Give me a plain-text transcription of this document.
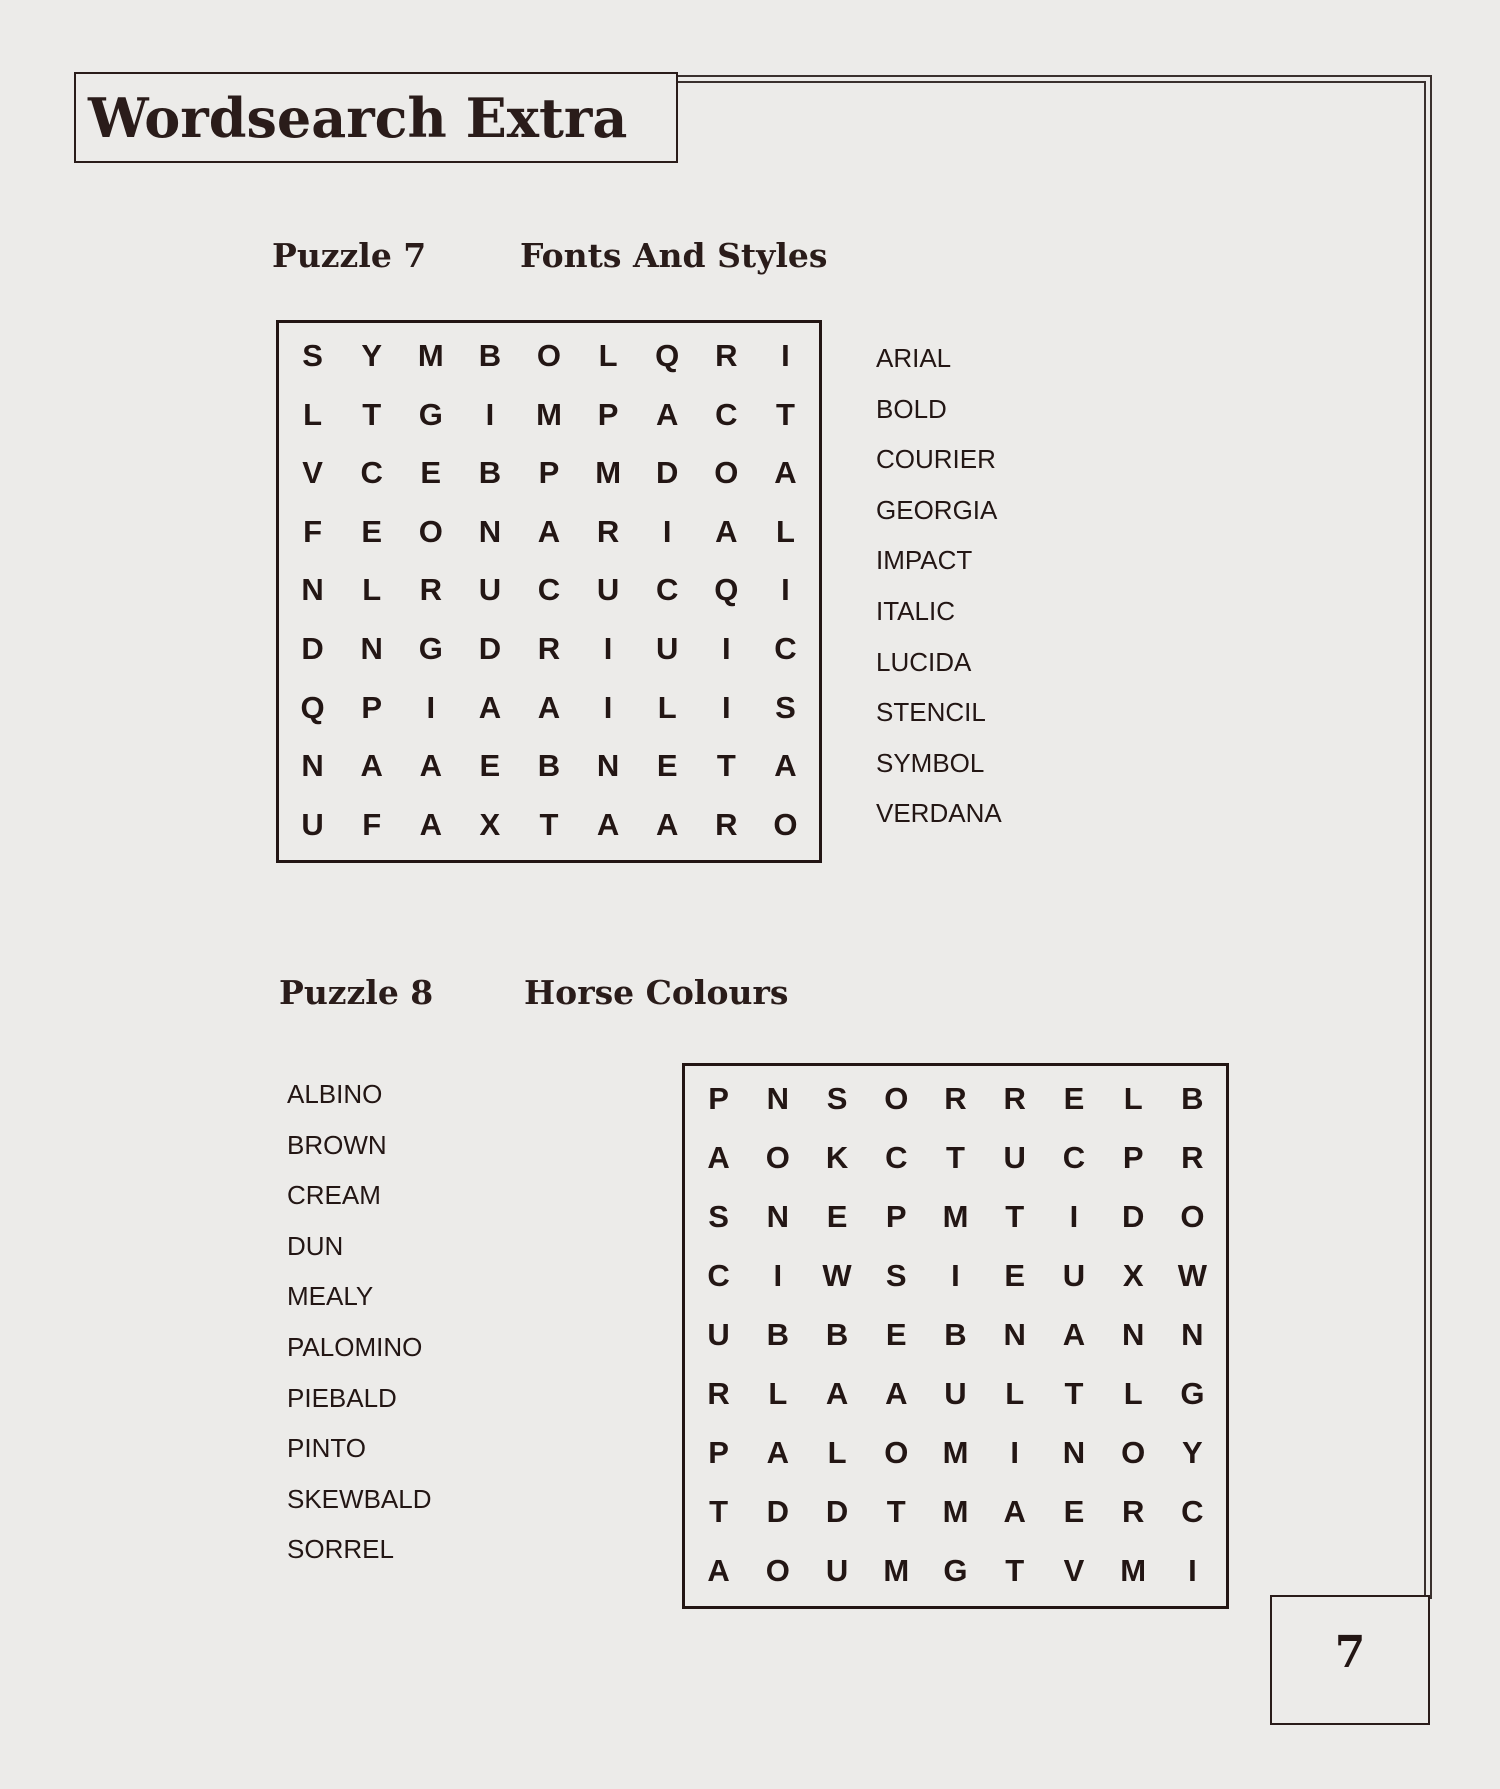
Wordsearch Extra
Puzzle 7	Fonts And Styles
S	Y	M	B	O	L	Q	R	I
L	T	G	I	M	P	A	C	T
V	C	E	B	P	M	D	O	A
F	E	O	N	A	R	I	A	L
N	L	R	U	C	U	C	Q	I
D	N	G	D	R	I	U	I	C
Q	P	I	A	A	I	L	I	S
N	A	A	E	B	N	E	T	A
U	F	A	X	T	A	A	R	O
ARIAL
BOLD
COURIER
GEORGIA
IMPACT
ITALIC
LUCIDA
STENCIL
SYMBOL
VERDANA
Puzzle 8	Horse Colours
ALBINO
BROWN
CREAM
DUN
MEALY
PALOMINO
PIEBALD
PINTO
SKEWBALD
SORREL
P	N	S	O	R	R	E	L	B
A	O	K	C	T	U	C	P	R
S	N	E	P	M	T	I	D	O
C	I	W	S	I	E	U	X	W
U	B	B	E	B	N	A	N	N
R	L	A	A	U	L	T	L	G
P	A	L	O	M	I	N	O	Y
T	D	D	T	M	A	E	R	C
A	O	U	M	G	T	V	M	I
7
